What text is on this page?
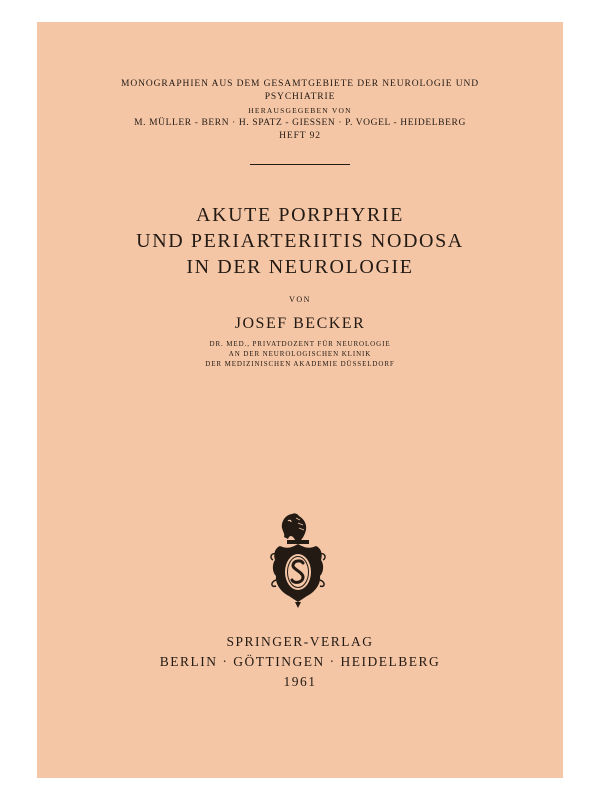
MONOGRAPHIEN AUS DEM GESAMTGEBIETE DER NEUROLOGIE UND
PSYCHIATRIE
HERAUSGEGEBEN VON
M. MÜLLER - BERN · H. SPATZ - GIESSEN · P. VOGEL - HEIDELBERG
HEFT 92
AKUTE PORPHYRIE
UND PERIARTERIITIS NODOSA
IN DER NEUROLOGIE
VON
JOSEF BECKER
DR. MED., PRIVATDOZENT FÜR NEUROLOGIE
AN DER NEUROLOGISCHEN KLINIK
DER MEDIZINISCHEN AKADEMIE DÜSSELDORF
SPRINGER-VERLAG
BERLIN · GÖTTINGEN · HEIDELBERG
1961
